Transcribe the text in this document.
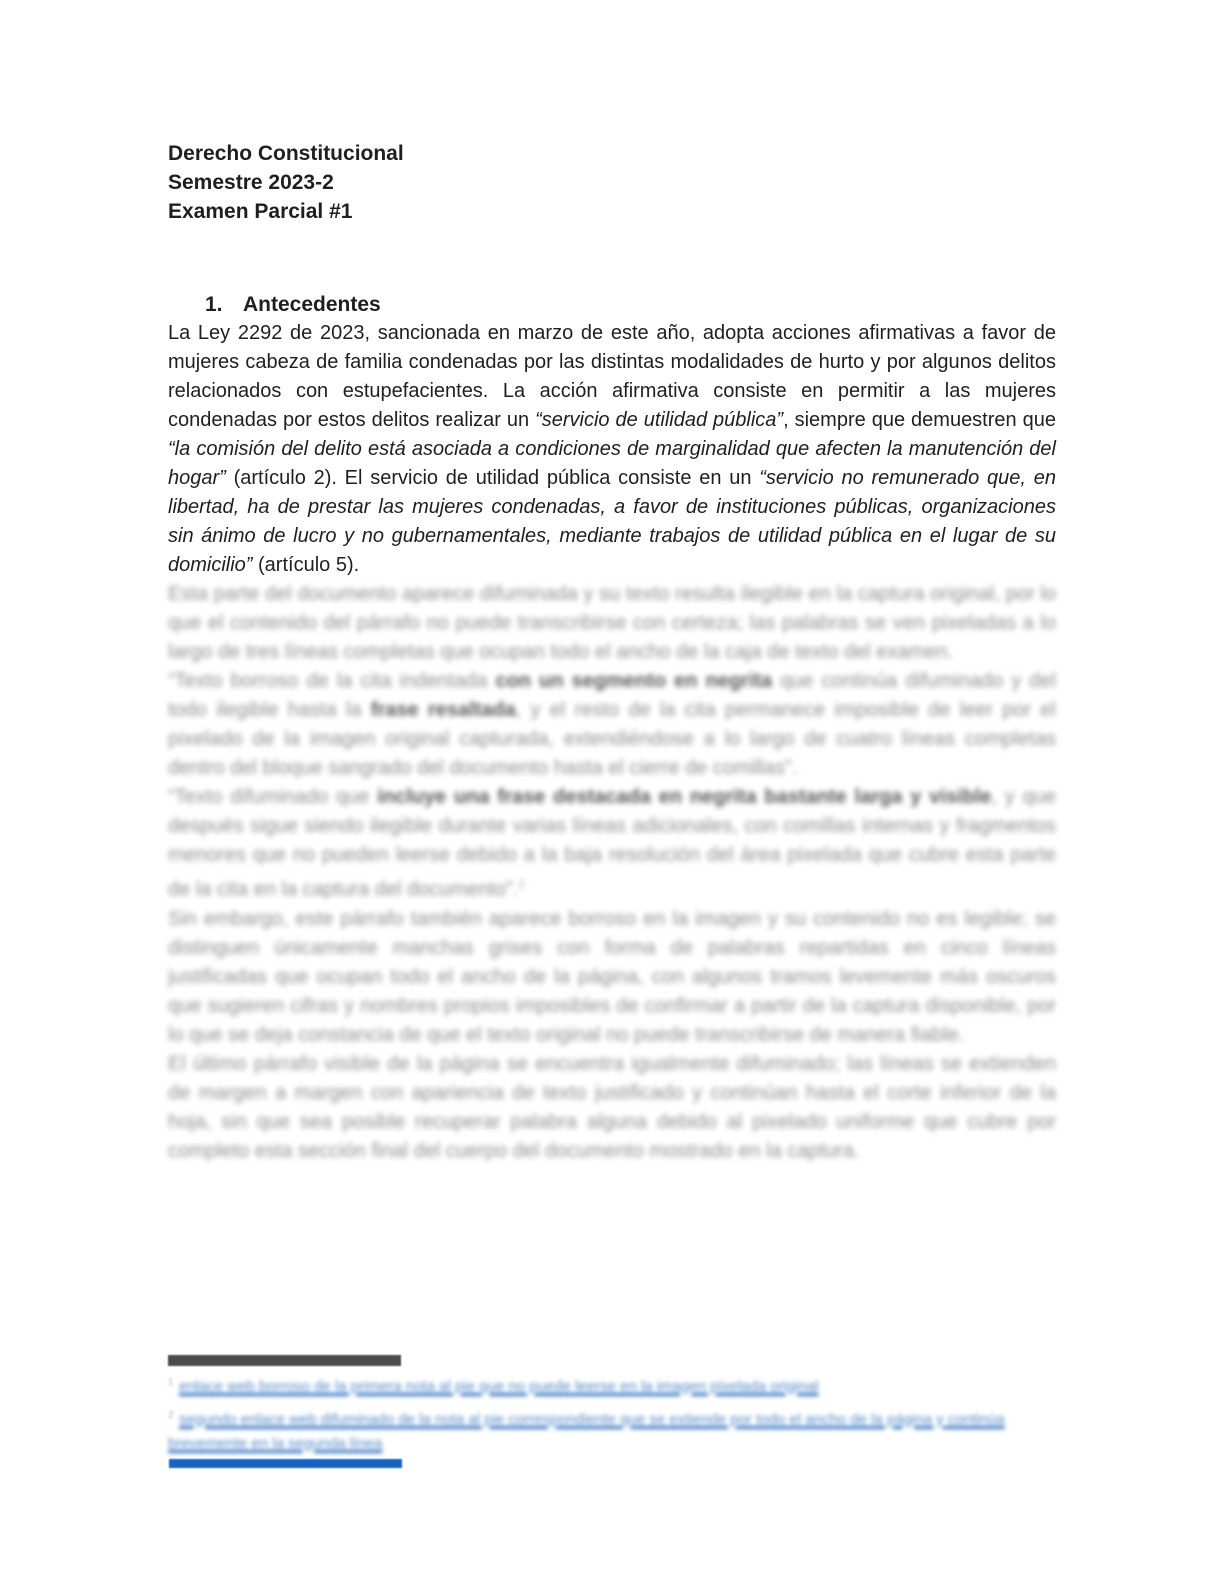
Derecho Constitucional
Semestre 2023-2
Examen Parcial #1
1. Antecedentes

La Ley 2292 de 2023, sancionada en marzo de este año, adopta acciones afirmativas a favor de mujeres cabeza de familia condenadas por las distintas modalidades de hurto y por algunos delitos relacionados con estupefacientes. La acción afirmativa consiste en permitir a las mujeres condenadas por estos delitos realizar un “servicio de utilidad pública”, siempre que demuestren que “la comisión del delito está asociada a condiciones de marginalidad que afecten la manutención del hogar” (artículo 2). El servicio de utilidad pública consiste en un “servicio no remunerado que, en libertad, ha de prestar las mujeres condenadas, a favor de instituciones públicas, organizaciones sin ánimo de lucro y no gubernamentales, mediante trabajos de utilidad pública en el lugar de su domicilio” (artículo 5).

Esta parte del documento aparece difuminada y su texto resulta ilegible en la captura original, por lo que el contenido del párrafo no puede transcribirse con certeza; las palabras se ven pixeladas a lo largo de tres líneas completas que ocupan todo el ancho de la caja de texto del examen.

“Texto borroso de la cita indentada con un segmento en negrita que continúa difuminado y del todo ilegible hasta la frase resaltada, y el resto de la cita permanece imposible de leer por el pixelado de la imagen original capturada, extendiéndose a lo largo de cuatro líneas completas dentro del bloque sangrado del documento hasta el cierre de comillas”.

“Texto difuminado que incluye una frase destacada en negrita bastante larga y visible, y que después sigue siendo ilegible durante varias líneas adicionales, con comillas internas y fragmentos menores que no pueden leerse debido a la baja resolución del área pixelada que cubre esta parte de la cita en la captura del documento”.$^1$

Sin embargo, este párrafo también aparece borroso en la imagen y su contenido no es legible; se distinguen únicamente manchas grises con forma de palabras repartidas en cinco líneas justificadas que ocupan todo el ancho de la página, con algunos tramos levemente más oscuros que sugieren cifras y nombres propios imposibles de confirmar a partir de la captura disponible, por lo que se deja constancia de que el texto original no puede transcribirse de manera fiable.

El último párrafo visible de la página se encuentra igualmente difuminado; las líneas se extienden de margen a margen con apariencia de texto justificado y continúan hasta el corte inferior de la hoja, sin que sea posible recuperar palabra alguna debido al pixelado uniforme que cubre por completo esta sección final del cuerpo del documento mostrado en la captura.

1 enlace web borroso de la primera nota al pie que no puede leerse en la imagen pixelada original
2 segundo enlace web difuminado de la nota al pie correspondiente que se extiende por todo el ancho de la página y continúa brevemente en la segunda línea
